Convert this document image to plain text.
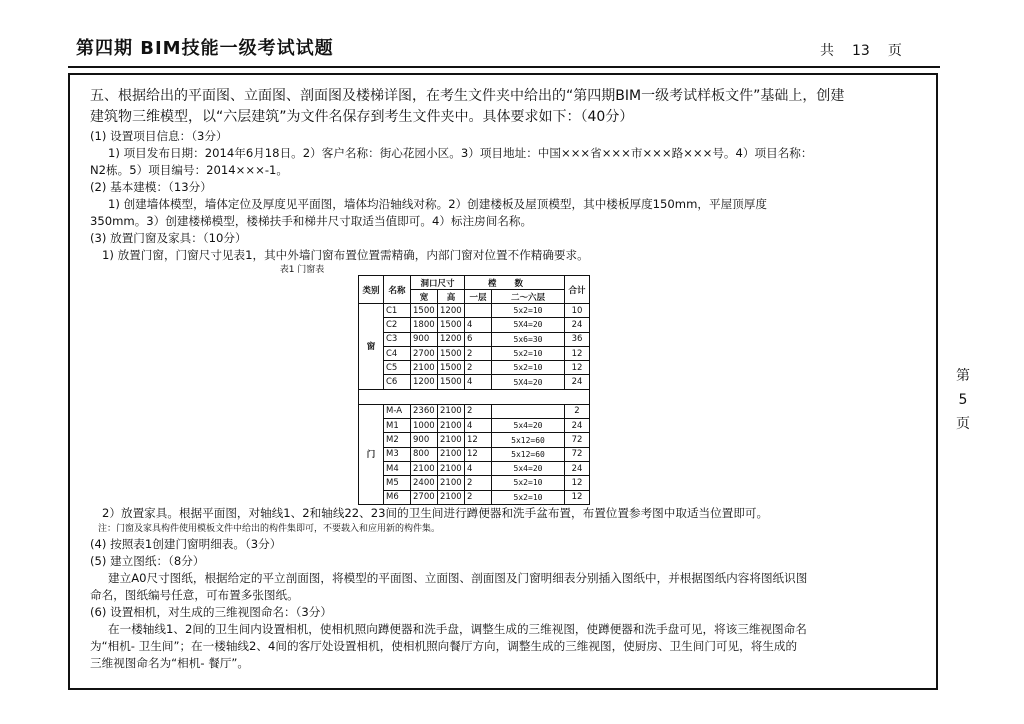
第四期 BIM技能一级考试试题	共 13 页
第
5
页

五、根据给出的平面图、立面图、剖面图及楼梯详图，在考生文件夹中给出的“第四期BIM一级考试样板文件”基础上，创建

建筑物三维模型，以“六层建筑”为文件名保存到考生文件夹中。具体要求如下：（40分）

(1) 设置项目信息：（3分）

1) 项目发布日期：2014年6月18日。2）客户名称：街心花园小区。3）项目地址：中国×××省×××市×××路×××号。4）项目名称：

N2栋。5）项目编号：2014×××-1。

(2) 基本建模：（13分）

1) 创建墙体模型，墙体定位及厚度见平面图，墙体均沿轴线对称。2）创建楼板及屋顶模型，其中楼板厚度150mm，平屋顶厚度

350mm。3）创建楼梯模型，楼梯扶手和梯井尺寸取适当值即可。4）标注房间名称。

(3) 放置门窗及家具：（10分）

1) 放置门窗，门窗尺寸见表1，其中外墙门窗布置位置需精确，内部门窗对位置不作精确要求。

表1 门窗表

2）放置家具。根据平面图，对轴线1、2和轴线22、23间的卫生间进行蹲便器和洗手盆布置，布置位置参考图中取适当位置即可。

注：门窗及家具构件使用模板文件中给出的构件集即可，不要载入和应用新的构件集。

(4) 按照表1创建门窗明细表。（3分）

(5) 建立图纸：（8分）

建立A0尺寸图纸，根据给定的平立剖面图，将模型的平面图、立面图、剖面图及门窗明细表分别插入图纸中，并根据图纸内容将图纸识图

命名，图纸编号任意，可布置多张图纸。

(6) 设置相机，对生成的三维视图命名：（3分）

在一楼轴线1、2间的卫生间内设置相机，使相机照向蹲便器和洗手盘，调整生成的三维视图，使蹲便器和洗手盘可见，将该三维视图命名

为“相机- 卫生间”；在一楼轴线2、4间的客厅处设置相机，使相机照向餐厅方向，调整生成的三维视图，使厨房、卫生间门可见，将生成的

三维视图命名为“相机- 餐厅”。

类别	名称	洞口尺寸		樘数		合计
		宽	高	一层	二～六层	
窗	C1	1500	1200		5x2=10	10
	C2	1800	1500	4	5X4=20	24
	C3	900	1200	6	5x6=30	36
	C4	2700	1500	2	5x2=10	12
	C5	2100	1500	2	5x2=10	12
	C6	1200	1500	4	5X4=20	24

门	M-A	2360	2100	2		2
	M1	1000	2100	4	5x4=20	24
	M2	900	2100	12	5x12=60	72
	M3	800	2100	12	5x12=60	72
	M4	2100	2100	4	5x4=20	24
	M5	2400	2100	2	5x2=10	12
	M6	2700	2100	2	5x2=10	12
